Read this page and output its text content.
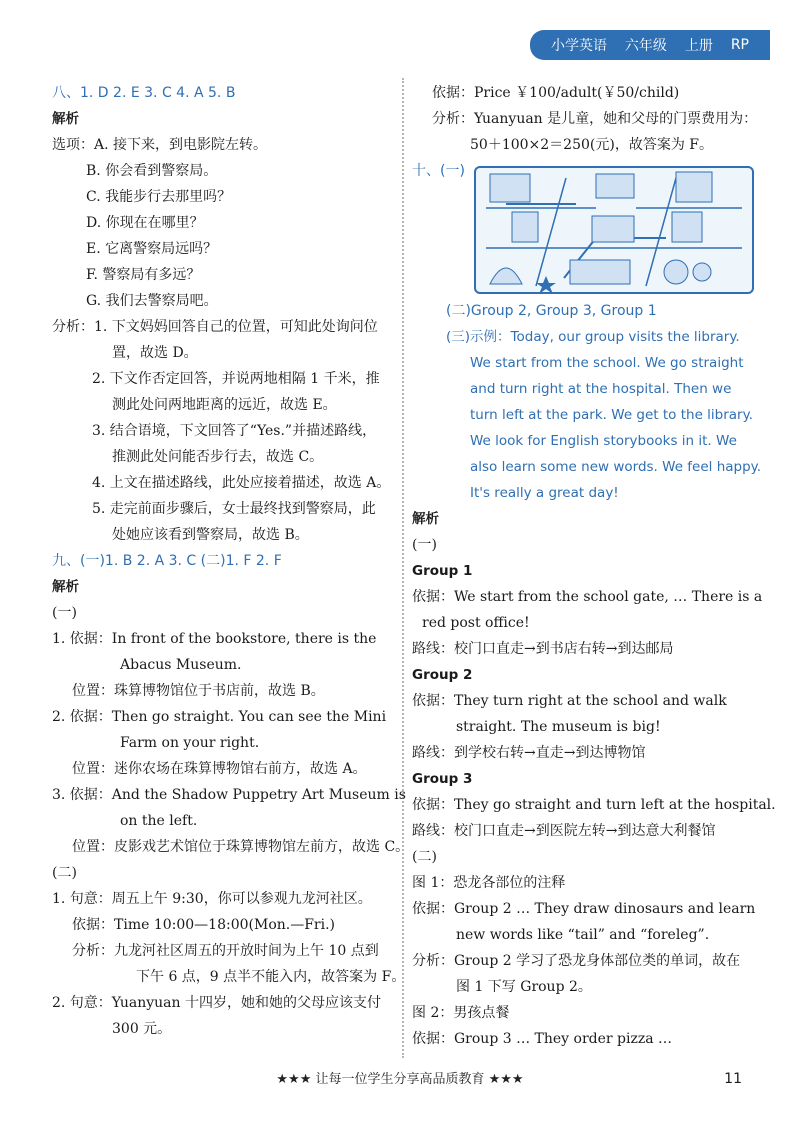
小学英语 六年级 上册 RP
八、1. D 2. E 3. C 4. A 5. B
解析
选项：A. 接下来，到电影院左转。
B. 你会看到警察局。
C. 我能步行去那里吗？
D. 你现在在哪里？
E. 它离警察局远吗？
F. 警察局有多远？
G. 我们去警察局吧。
分析：1. 下文妈妈回答自己的位置，可知此处询问位
置，故选 D。
2. 下文作否定回答，并说两地相隔 1 千米，推
测此处问两地距离的远近，故选 E。
3. 结合语境，下文回答了“Yes.”并描述路线，
推测此处问能否步行去，故选 C。
4. 上文在描述路线，此处应接着描述，故选 A。
5. 走完前面步骤后，女士最终找到警察局，此
处她应该看到警察局，故选 B。
九、(一)1. B 2. A 3. C (二)1. F 2. F
解析
(一)
1. 依据：In front of the bookstore, there is the
Abacus Museum.
位置：珠算博物馆位于书店前，故选 B。
2. 依据：Then go straight. You can see the Mini
Farm on your right.
位置：迷你农场在珠算博物馆右前方，故选 A。
3. 依据：And the Shadow Puppetry Art Museum is
on the left.
位置：皮影戏艺术馆位于珠算博物馆左前方，故选 C。
(二)
1. 句意：周五上午 9:30，你可以参观九龙河社区。
依据：Time 10:00—18:00(Mon.—Fri.)
分析：九龙河社区周五的开放时间为上午 10 点到
下午 6 点，9 点半不能入内，故答案为 F。
2. 句意：Yuanyuan 十四岁，她和她的父母应该支付
300 元。
依据：Price ￥100/adult(￥50/child)
分析：Yuanyuan 是儿童，她和父母的门票费用为：
50＋100×2＝250(元)，故答案为 F。
十、(一)
(二)Group 2, Group 3, Group 1
(三)示例：Today, our group visits the library.
We start from the school. We go straight
and turn right at the hospital. Then we
turn left at the park. We get to the library.
We look for English storybooks in it. We
also learn some new words. We feel happy.
It's really a great day!
解析
(一)
Group 1
依据：We start from the school gate, … There is a
red post office!
路线：校门口直走→到书店右转→到达邮局
Group 2
依据：They turn right at the school and walk
straight. The museum is big!
路线：到学校右转→直走→到达博物馆
Group 3
依据：They go straight and turn left at the hospital.
路线：校门口直走→到医院左转→到达意大利餐馆
(二)
图 1：恐龙各部位的注释
依据：Group 2 … They draw dinosaurs and learn
new words like “tail” and “foreleg”.
分析：Group 2 学习了恐龙身体部位类的单词，故在
图 1 下写 Group 2。
图 2：男孩点餐
依据：Group 3 … They order pizza …
★★★ 让每一位学生分享高品质教育 ★★★	11
